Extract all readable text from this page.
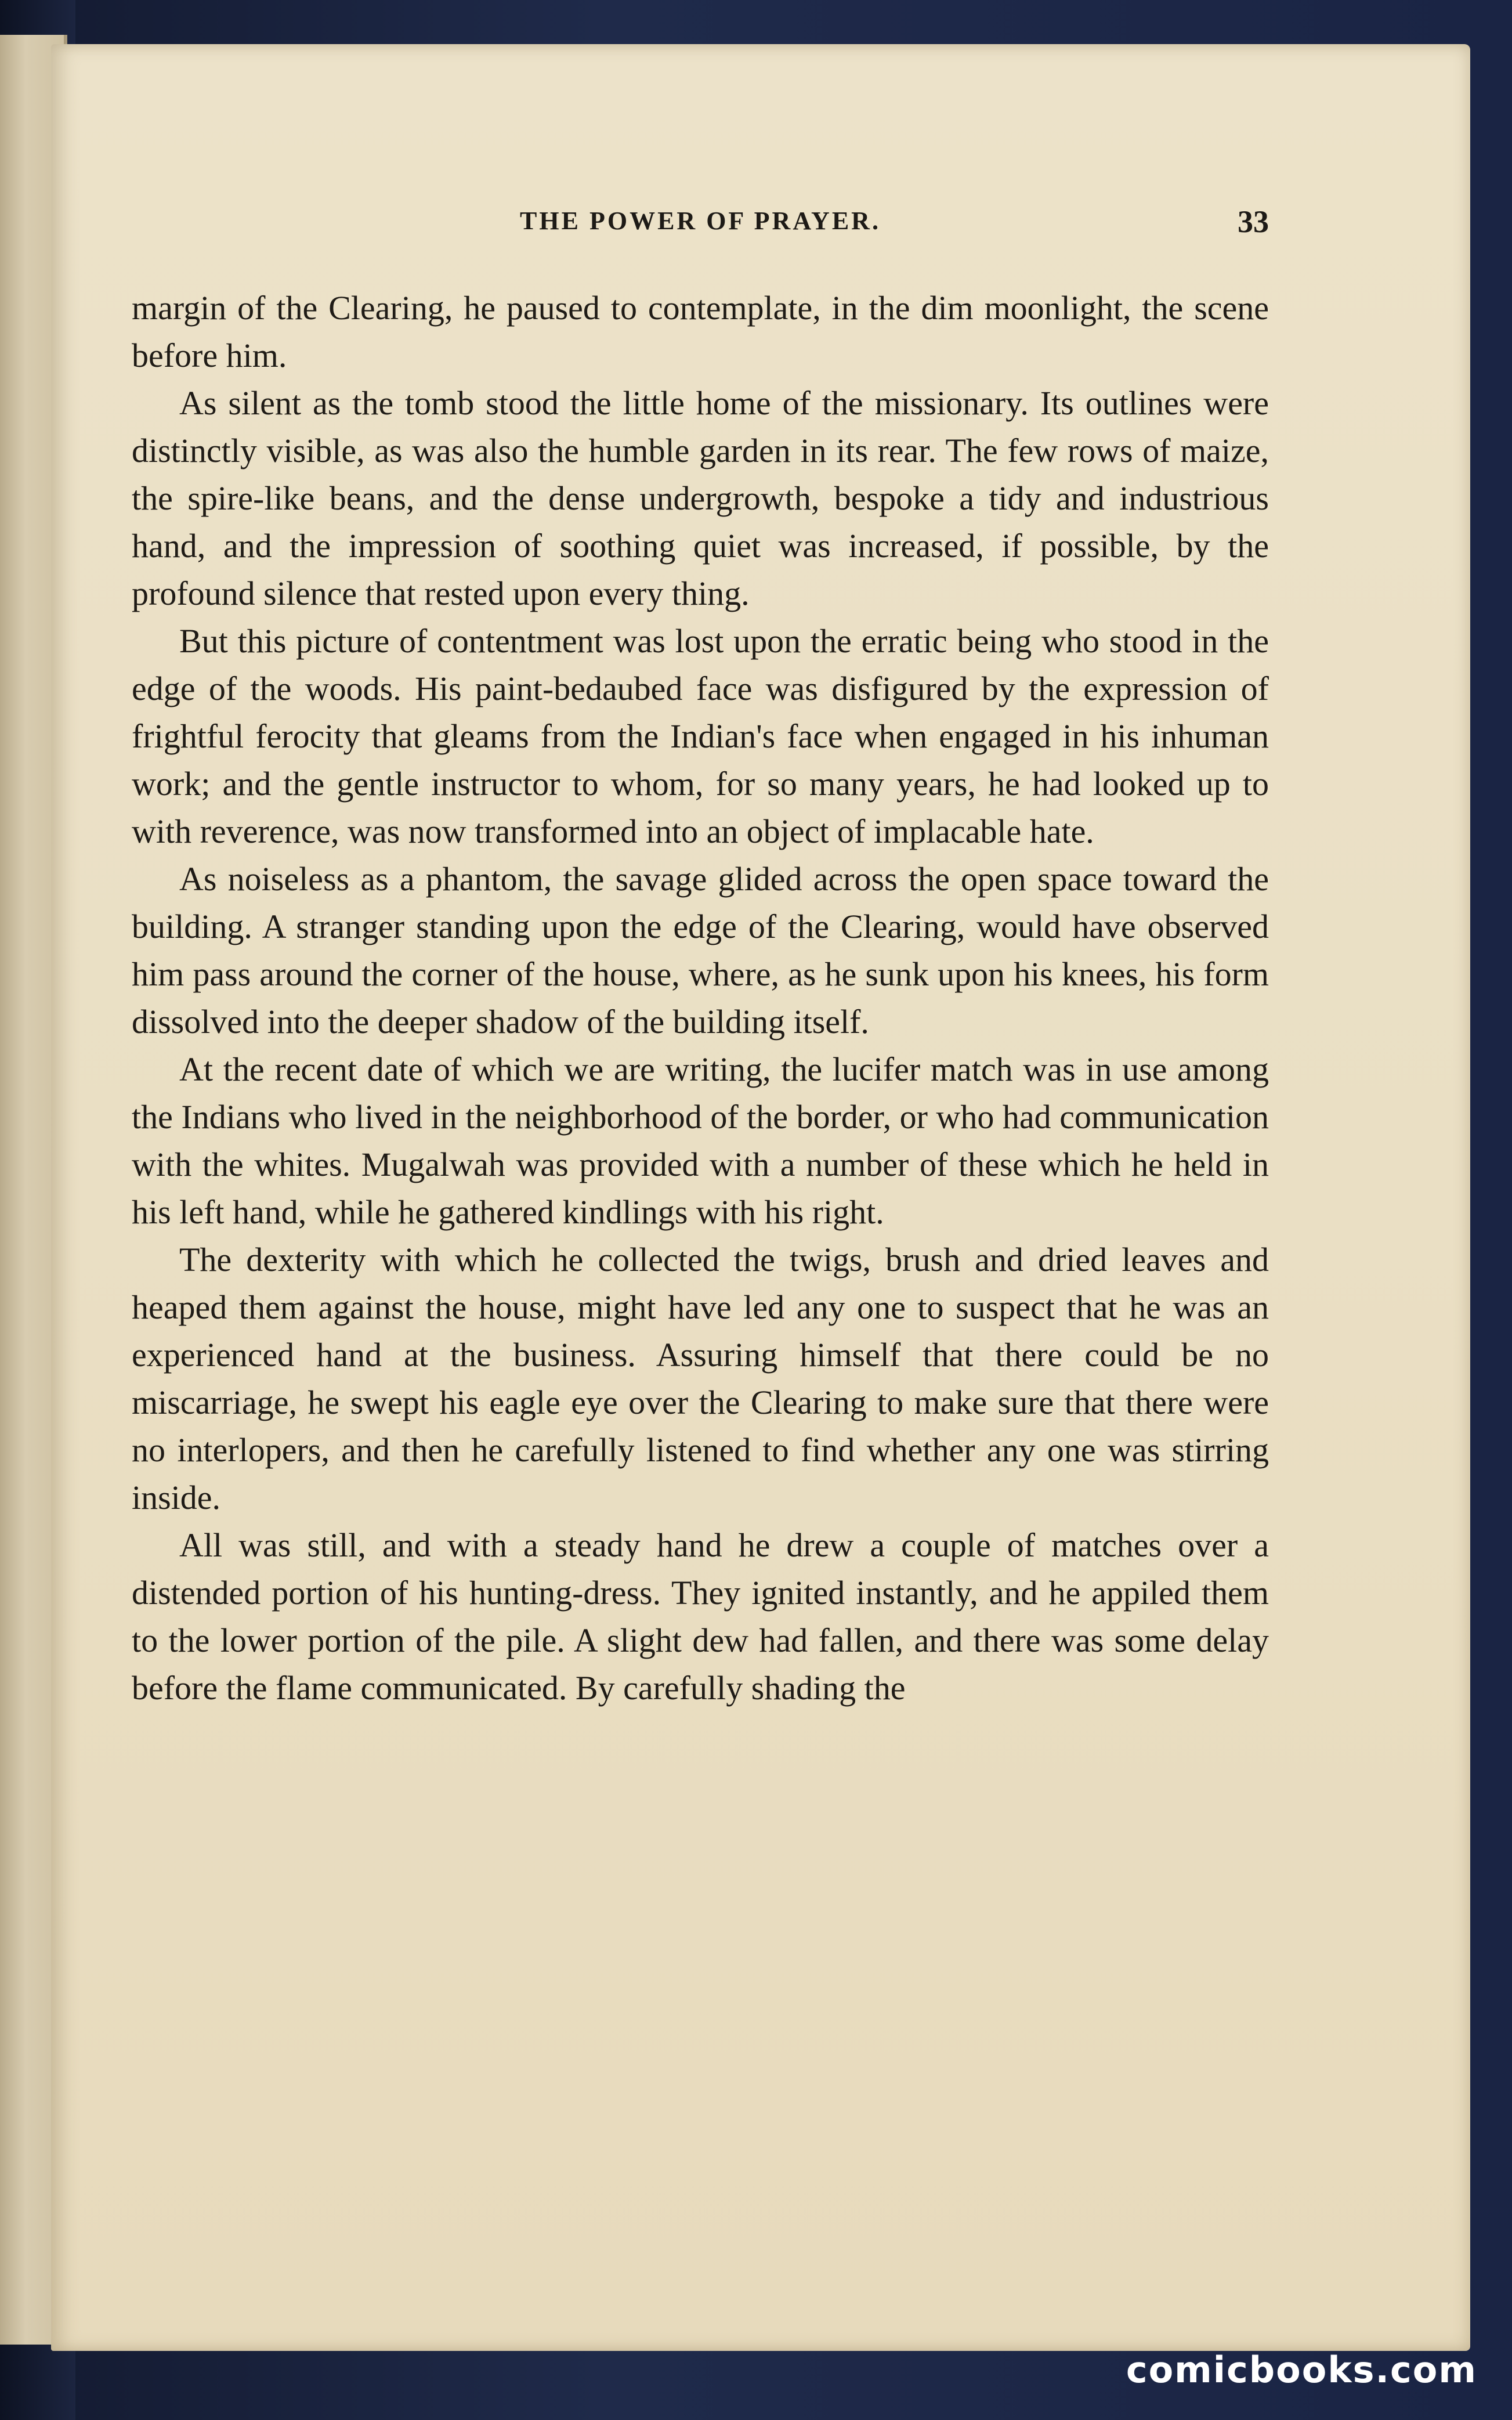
THE POWER OF PRAYER.	33

margin of the Clearing, he paused to contemplate, in the dim moonlight, the scene before him.

As silent as the tomb stood the little home of the missionary. Its outlines were distinctly visible, as was also the humble garden in its rear. The few rows of maize, the spire-like beans, and the dense undergrowth, bespoke a tidy and industrious hand, and the impression of soothing quiet was increased, if possible, by the profound silence that rested upon every thing.

But this picture of contentment was lost upon the erratic being who stood in the edge of the woods. His paint-bedaubed face was disfigured by the expression of frightful ferocity that gleams from the Indian's face when engaged in his inhuman work; and the gentle instructor to whom, for so many years, he had looked up to with reverence, was now transformed into an object of implacable hate.

As noiseless as a phantom, the savage glided across the open space toward the building. A stranger standing upon the edge of the Clearing, would have observed him pass around the corner of the house, where, as he sunk upon his knees, his form dissolved into the deeper shadow of the building itself.

At the recent date of which we are writing, the lucifer match was in use among the Indians who lived in the neighborhood of the border, or who had communication with the whites. Mugalwah was provided with a number of these which he held in his left hand, while he gathered kindlings with his right.

The dexterity with which he collected the twigs, brush and dried leaves and heaped them against the house, might have led any one to suspect that he was an experienced hand at the business. Assuring himself that there could be no miscarriage, he swept his eagle eye over the Clearing to make sure that there were no interlopers, and then he carefully listened to find whether any one was stirring inside.

All was still, and with a steady hand he drew a couple of matches over a distended portion of his hunting-dress. They ignited instantly, and he appiled them to the lower portion of the pile. A slight dew had fallen, and there was some delay before the flame communicated. By carefully shading the

comicbooks.com
